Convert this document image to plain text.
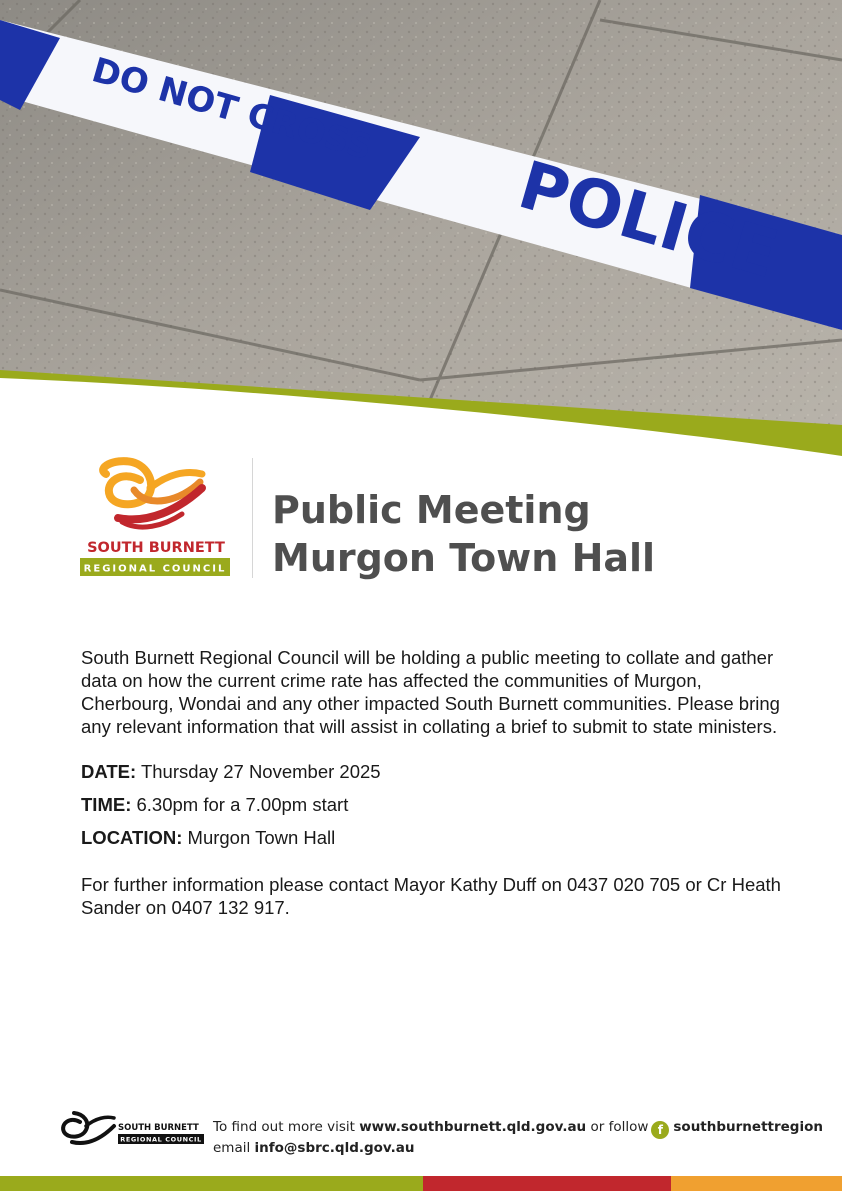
DO NOT CROSS
POLICE
SOUTH BURNETT
REGIONAL COUNCIL
Public Meeting
Murgon Town Hall

South Burnett Regional Council will be holding a public meeting to collate and gather data on how the current crime rate has affected the communities of Murgon, Cherbourg, Wondai and any other impacted South Burnett communities. Please bring any relevant information that will assist in collating a brief to submit to state ministers.

DATE: Thursday 27 November 2025

TIME: 6.30pm for a 7.00pm start

LOCATION: Murgon Town Hall

For further information please contact Mayor Kathy Duff on 0437 020 705 or Cr Heath Sander on 0407 132 917.

SOUTH BURNETT
REGIONAL COUNCIL
To find out more visit www.southburnett.qld.gov.au or follow f southburnettregion
email info@sbrc.qld.gov.au
